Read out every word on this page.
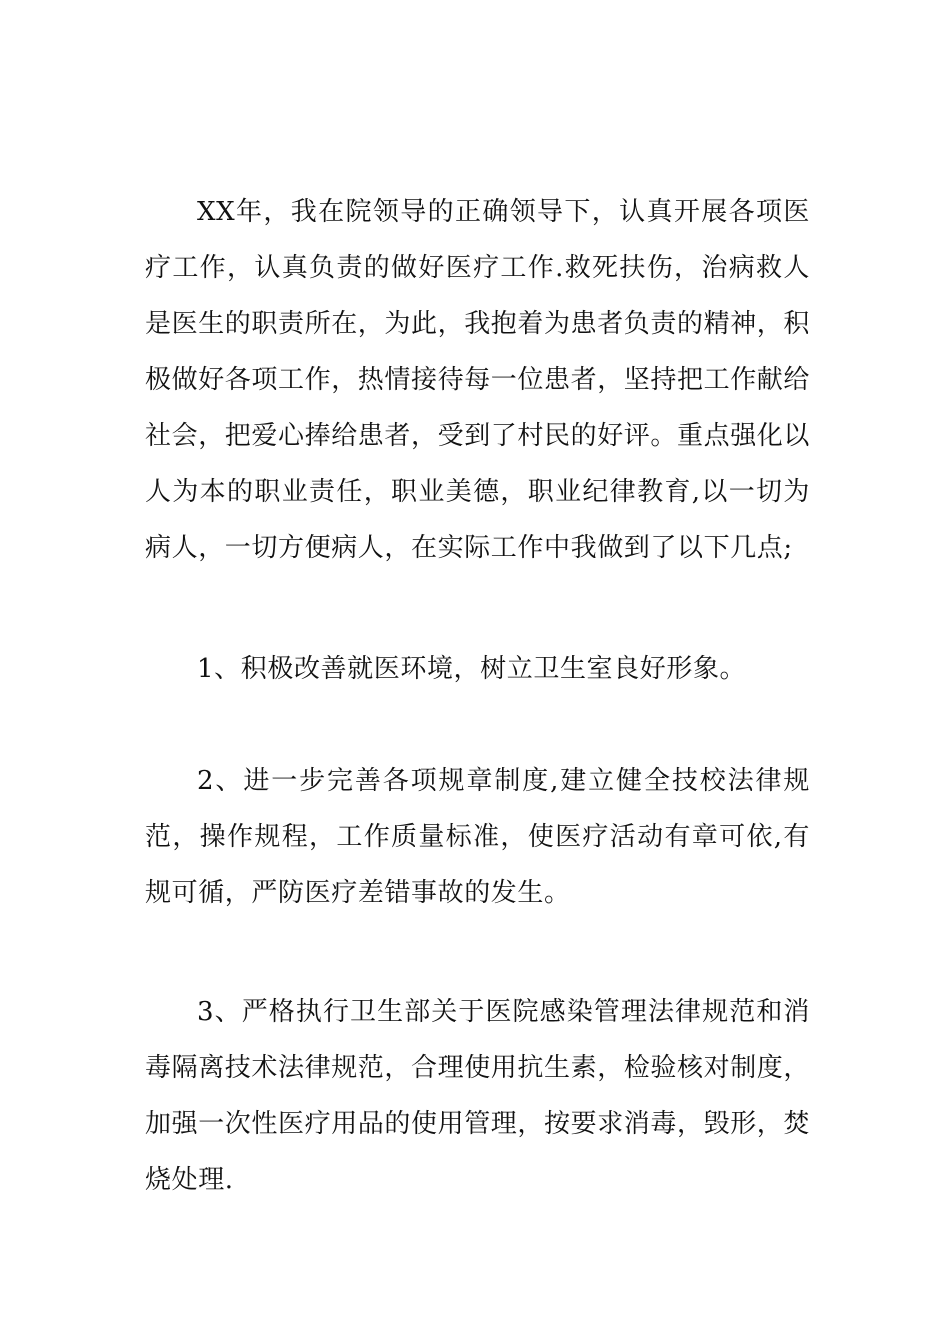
XX年，我在院领导的正确领导下，认真开展各项医疗工作，认真负责的做好医疗工作.救死扶伤，治病救人是医生的职责所在，为此，我抱着为患者负责的精神，积极做好各项工作，热情接待每一位患者，坚持把工作献给社会，把爱心捧给患者，受到了村民的好评。重点强化以人为本的职业责任，职业美德，职业纪律教育,以一切为病人，一切方便病人，在实际工作中我做到了以下几点;

1、积极改善就医环境，树立卫生室良好形象。

2、进一步完善各项规章制度,建立健全技校法律规范，操作规程，工作质量标准，使医疗活动有章可依,有规可循，严防医疗差错事故的发生。

3、严格执行卫生部关于医院感染管理法律规范和消毒隔离技术法律规范，合理使用抗生素，检验核对制度，加强一次性医疗用品的使用管理，按要求消毒，毁形，焚烧处理.
